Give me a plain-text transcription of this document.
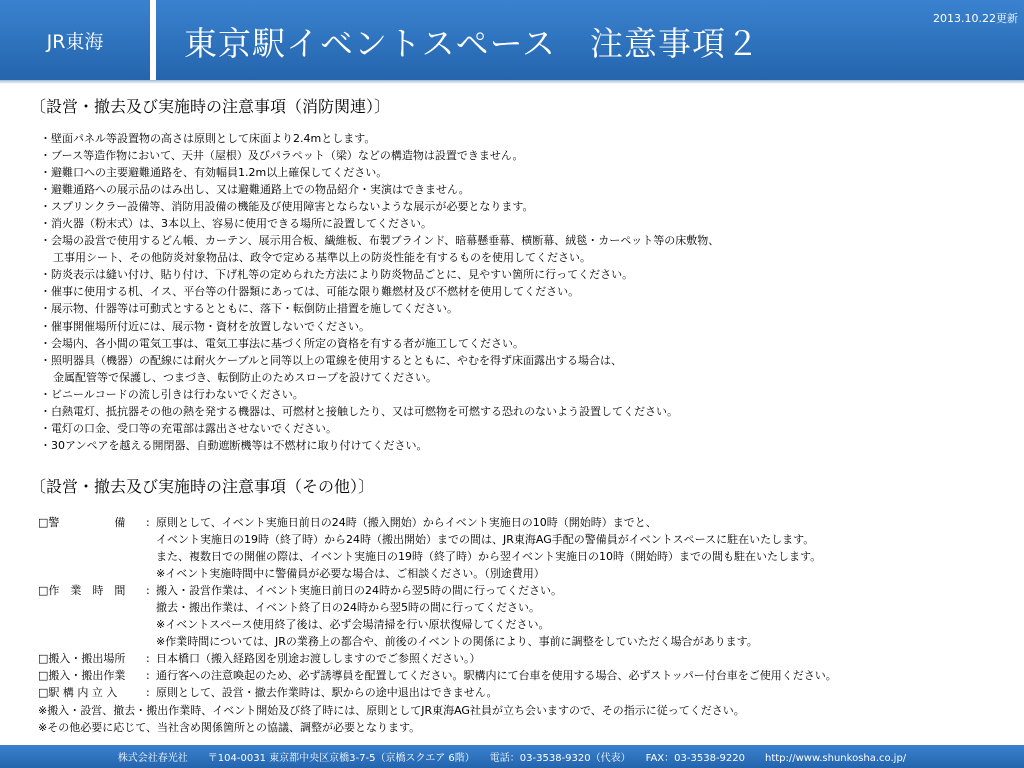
JR東海 東京駅イベントスペース　注意事項２
2013.10.22更新
〔設営・撤去及び実施時の注意事項（消防関連）〕
・壁面パネル等設置物の高さは原則として床面より2.4mとします。
・ブース等造作物において、天井（屋根）及びパラペット（梁）などの構造物は設置できません。
・避難口への主要避難通路を、有効幅員1.2m以上確保してください。
・避難通路への展示品のはみ出し、又は避難通路上での物品紹介・実演はできません。
・スプリンクラー設備等、消防用設備の機能及び使用障害とならないような展示が必要となります。
・消火器（粉末式）は、3本以上、容易に使用できる場所に設置してください。
・会場の設営で使用するどん帳、カーテン、展示用合板、繊維板、布製ブラインド、暗幕懸垂幕、横断幕、絨毯・カーペット等の床敷物、
工事用シート、その他防炎対象物品は、政令で定める基準以上の防炎性能を有するものを使用してください。
・防炎表示は縫い付け、貼り付け、下げ札等の定められた方法により防炎物品ごとに、見やすい箇所に行ってください。
・催事に使用する机、イス、平台等の什器類にあっては、可能な限り難燃材及び不燃材を使用してください。
・展示物、什器等は可動式とするとともに、落下・転倒防止措置を施してください。
・催事開催場所付近には、展示物・資材を放置しないでください。
・会場内、各小間の電気工事は、電気工事法に基づく所定の資格を有する者が施工してください。
・照明器具（機器）の配線には耐火ケーブルと同等以上の電線を使用するとともに、やむを得ず床面露出する場合は、
金属配管等で保護し、つまづき、転倒防止のためスロープを設けてください。
・ビニールコードの流し引きは行わないでください。
・白熱電灯、抵抗器その他の熱を発する機器は、可燃材と接触したり、又は可燃物を可燃する恐れのないよう設置してください。
・電灯の口金、受口等の充電部は露出させないでください。
・30アンペアを越える開閉器、自動遮断機等は不燃材に取り付けてください。
〔設営・撤去及び実施時の注意事項（その他）〕
□警　　　　　備	: 原則として、イベント実施日前日の24時（搬入開始）からイベント実施日の10時（開始時）までと、
イベント実施日の19時（終了時）から24時（搬出開始）までの間は、JR東海AG手配の警備員がイベントスペースに駐在いたします。
また、複数日での開催の際は、イベント実施日の19時（終了時）から翌イベント実施日の10時（開始時）までの間も駐在いたします。
※イベント実施時間中に警備員が必要な場合は、ご相談ください。（別途費用）
□作　業　時　間	: 搬入・設営作業は、イベント実施日前日の24時から翌5時の間に行ってください。
撤去・搬出作業は、イベント終了日の24時から翌5時の間に行ってください。
※イベントスペース使用終了後は、必ず会場清掃を行い原状復帰してください。
※作業時間については、JRの業務上の都合や、前後のイベントの関係により、事前に調整をしていただく場合があります。
□搬入・搬出場所	: 日本橋口（搬入経路図を別途お渡ししますのでご参照ください。）
□搬入・搬出作業	: 通行客への注意喚起のため、必ず誘導員を配置してください。駅構内にて台車を使用する場合、必ずストッパー付台車をご使用ください。
□駅 構 内 立 入	: 原則として、設営・撤去作業時は、駅からの途中退出はできません。
※搬入・設営、撤去・搬出作業時、イベント開始及び終了時には、原則としてJR東海AG社員が立ち会いますので、その指示に従ってください。
※その他必要に応じて、当社含め関係箇所との協議、調整が必要となります。
株式会社春光社　　〒104-0031 東京都中央区京橋3-7-5（京橋スクエア 6階）　　電話：03-3538-9320（代表）　　FAX：03-3538-9220　　http://www.shunkosha.co.jp/
